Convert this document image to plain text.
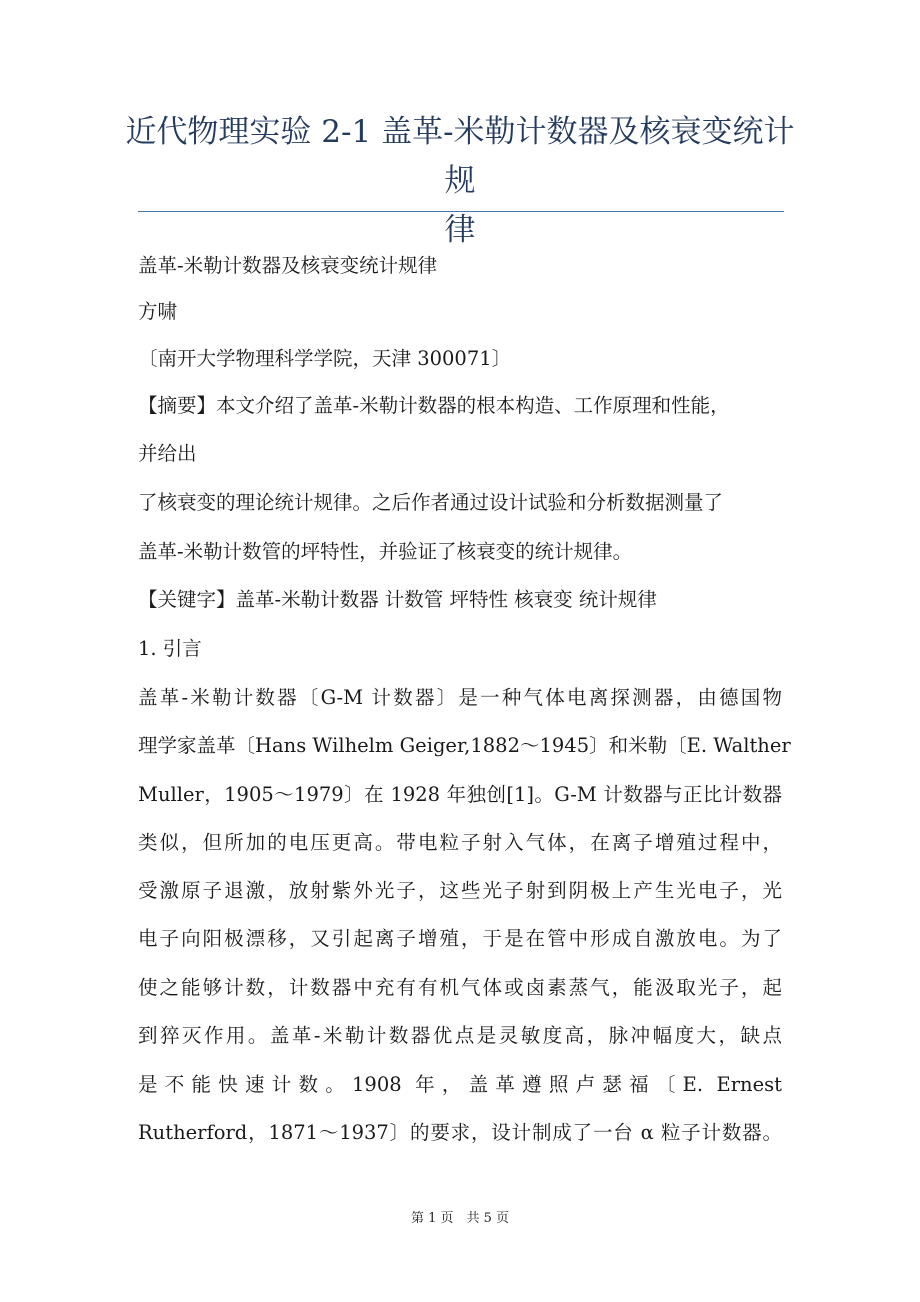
近代物理实验 2-1 盖革-米勒计数器及核衰变统计规
律
盖革-米勒计数器及核衰变统计规律
方啸
〔南开大学物理科学学院，天津 300071〕
【摘要】本文介绍了盖革-米勒计数器的根本构造、工作原理和性能，
并给出
了核衰变的理论统计规律。之后作者通过设计试验和分析数据测量了
盖革-米勒计数管的坪特性，并验证了核衰变的统计规律。
【关键字】盖革-米勒计数器 计数管 坪特性 核衰变 统计规律
1. 引言
盖革-米勒计数器〔G-M 计数器〕是一种气体电离探测器，由德国物
理学家盖革〔Hans Wilhelm Geiger,1882～1945〕和米勒〔E. Walther
Muller，1905～1979〕在 1928 年独创[1]。G-M 计数器与正比计数器
类似，但所加的电压更高。带电粒子射入气体，在离子增殖过程中，
受激原子退激，放射紫外光子，这些光子射到阴极上产生光电子，光
电子向阳极漂移，又引起离子增殖，于是在管中形成自激放电。为了
使之能够计数，计数器中充有有机气体或卤素蒸气，能汲取光子，起
到猝灭作用。盖革-米勒计数器优点是灵敏度高，脉冲幅度大，缺点
是不能快速计数。1908 年，盖革遵照卢瑟福〔E. Ernest
Rutherford，1871～1937〕的要求，设计制成了一台 α 粒子计数器。
第 1 页　共 5 页
